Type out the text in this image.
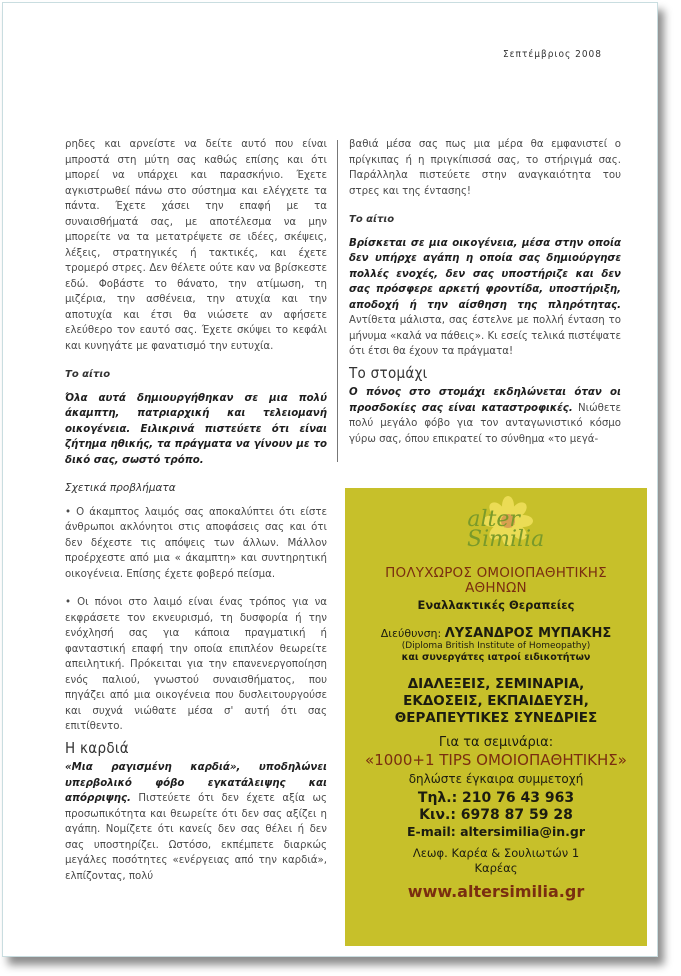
Σεπτέμβριος 2008

ρηδες και αρνείστε να δείτε αυτό που είναι μπροστά στη μύτη σας καθώς επίσης και ότι μπορεί να υπάρχει και παρασκήνιο. Έχετε αγκιστρωθεί πάνω στο σύστημα και ελέγχετε τα πάντα. Έχετε χάσει την επαφή με τα συναισθήματά σας, με αποτέλεσμα να μην μπορείτε να τα μετατρέψετε σε ιδέες, σκέψεις, λέξεις, στρατηγικές ή τακτικές, και έχετε τρομερό στρες. Δεν θέλετε ούτε καν να βρίσκεστε εδώ. Φοβάστε το θάνατο, την ατίμωση, τη μιζέρια, την ασθένεια, την ατυχία και την αποτυχία και έτσι θα νιώσετε αν αφήσετε ελεύθερο τον εαυτό σας. Έχετε σκύψει το κεφάλι και κυνηγάτε με φανατισμό την ευτυχία.

Το αίτιο

Όλα αυτά δημιουργήθηκαν σε μια πολύ άκαμπτη, πατριαρχική και τελειομανή οικογένεια. Ειλικρινά πιστεύετε ότι είναι ζήτημα ηθικής, τα πράγματα να γίνουν με το δικό σας, σωστό τρόπο.

Σχετικά προβλήματα

• Ο άκαμπτος λαιμός σας αποκαλύπτει ότι είστε άνθρωποι ακλόνητοι στις αποφάσεις σας και ότι δεν δέχεστε τις απόψεις των άλλων. Μάλλον προέρχεστε από μια « άκαμπτη» και συντηρητική οικογένεια. Επίσης έχετε φοβερό πείσμα.

• Οι πόνοι στο λαιμό είναι ένας τρόπος για να εκφράσετε τον εκνευρισμό, τη δυσφορία ή την ενόχλησή σας για κάποια πραγματική ή φανταστική επαφή την οποία επιπλέον θεωρείτε απειλητική. Πρόκειται για την επανενεργοποίηση ενός παλιού, γνωστού συναισθήματος, που πηγάζει από μια οικογένεια που δυσλειτουργούσε και συχνά νιώθατε μέσα σ' αυτή ότι σας επιτίθεντο.

Η καρδιά

«Μια ραγισμένη καρδιά», υποδηλώνει υπερβολικό φόβο εγκατάλειψης και απόρριψης. Πιστεύετε ότι δεν έχετε αξία ως προσωπικότητα και θεωρείτε ότι δεν σας αξίζει η αγάπη. Νομίζετε ότι κανείς δεν σας θέλει ή δεν σας υποστηρίζει. Ωστόσο, εκπέμπετε διαρκώς μεγάλες ποσότητες «ενέργειας από την καρδιά», ελπίζοντας, πολύ

βαθιά μέσα σας πως μια μέρα θα εμφανιστεί ο πρίγκιπας ή η πριγκίπισσά σας, το στήριγμά σας. Παράλληλα πιστεύετε στην αναγκαιότητα του στρες και της έντασης!

Το αίτιο

Βρίσκεται σε μια οικογένεια, μέσα στην οποία δεν υπήρχε αγάπη η οποία σας δημιούργησε πολλές ενοχές, δεν σας υποστήριζε και δεν σας πρόσφερε αρκετή φροντίδα, υποστήριξη, αποδοχή ή την αίσθηση της πληρότητας. Αντίθετα μάλιστα, σας έστελνε με πολλή ένταση το μήνυμα «καλά να πάθεις». Κι εσείς τελικά πιστέψατε ότι έτσι θα έχουν τα πράγματα!

Το στομάχι

Ο πόνος στο στομάχι εκδηλώνεται όταν οι προσδοκίες σας είναι καταστροφικές. Νιώθετε πολύ μεγάλο φόβο για τον ανταγωνιστικό κόσμο γύρω σας, όπου επικρατεί το σύνθημα «το μεγά-

alter
Similia
ΠΟΛΥΧΩΡΟΣ ΟΜΟΙΟΠΑΘΗΤΙΚΗΣ
ΑΘΗΝΩΝ
Εναλλακτικές Θεραπείες
Διεύθυνση: ΛΥΣΑΝΔΡΟΣ ΜΥΠΑΚΗΣ
(Diploma British Institute of Homeopathy)
και συνεργάτες ιατροί ειδικοτήτων
ΔΙΑΛΕΞΕΙΣ, ΣΕΜΙΝΑΡΙΑ,
ΕΚΔΟΣΕΙΣ, ΕΚΠΑΙΔΕΥΣΗ,
ΘΕΡΑΠΕΥΤΙΚΕΣ ΣΥΝΕΔΡΙΕΣ
Για τα σεμινάρια:
«1000+1 TIPS ΟΜΟΙΟΠΑΘΗΤΙΚΗΣ»
δηλώστε έγκαιρα συμμετοχή
Τηλ.: 210 76 43 963
Κιν.: 6978 87 59 28
E-mail: altersimilia@in.gr
Λεωφ. Καρέα & Σουλιωτών 1
Καρέας
www.altersimilia.gr
